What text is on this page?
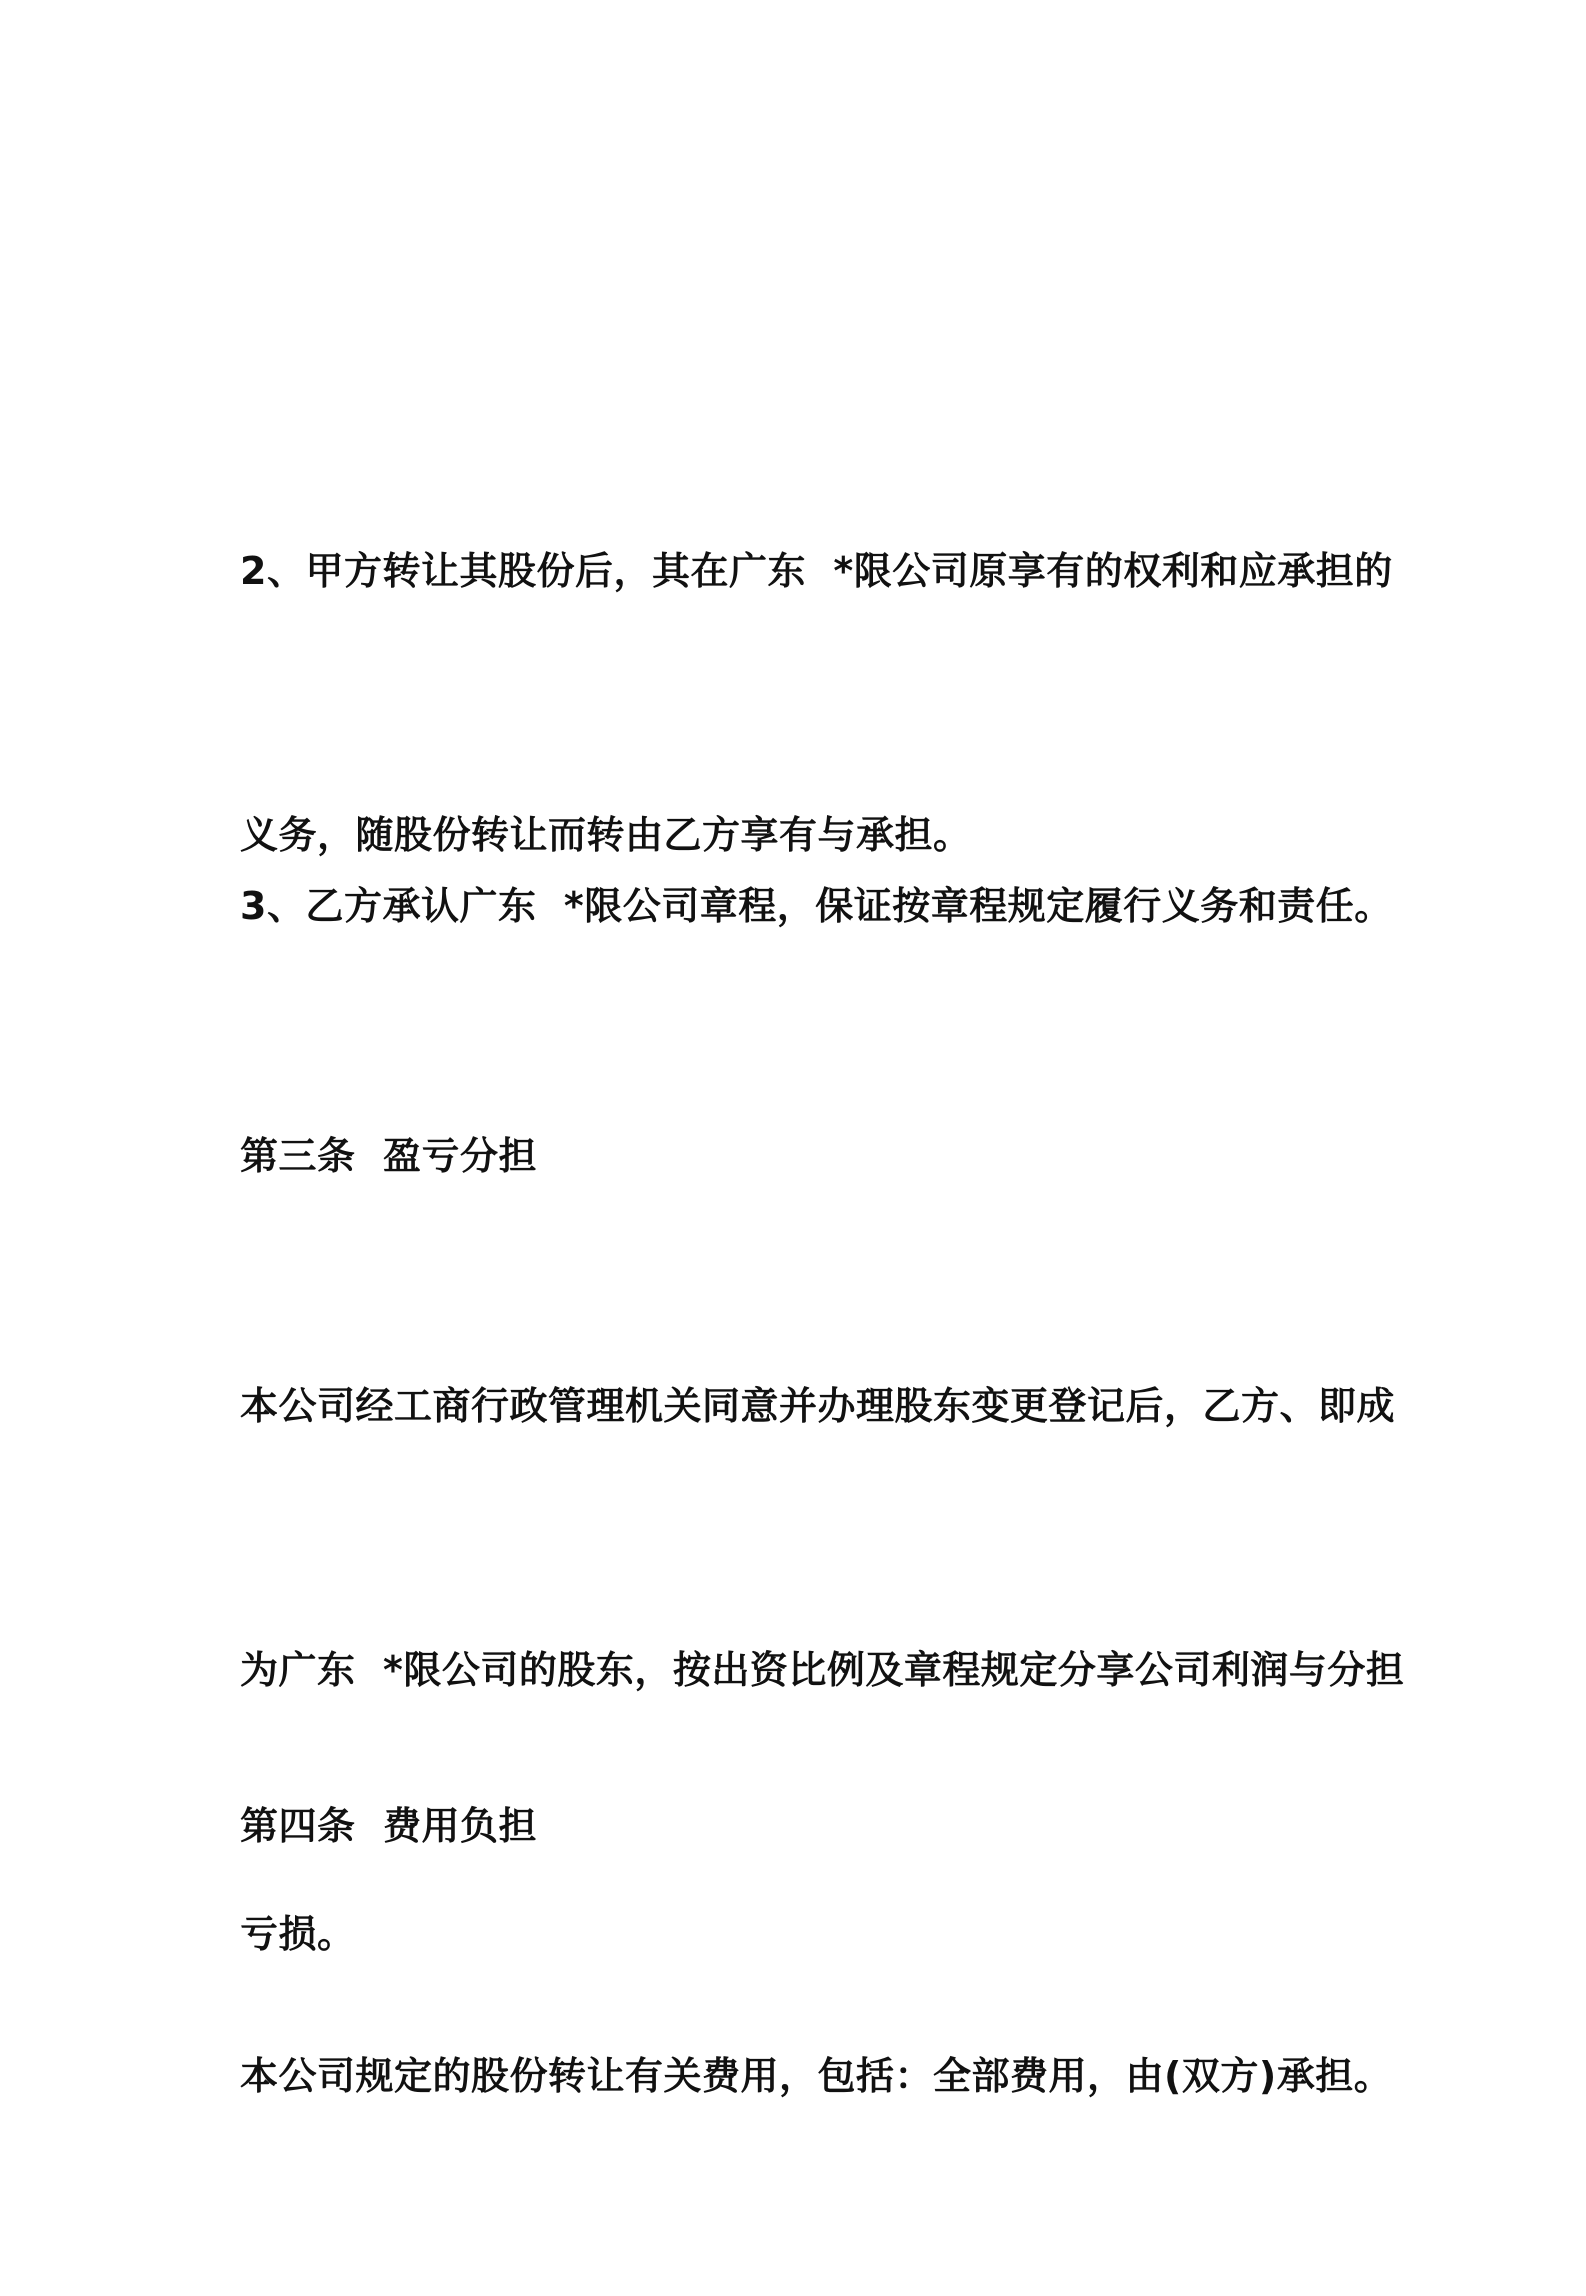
2、甲方转让其股份后，其在广东  *限公司原享有的权利和应承担的

义务，随股份转让而转由乙方享有与承担。

3、乙方承认广东  *限公司章程，保证按章程规定履行义务和责任。

第三条  盈亏分担

本公司经工商行政管理机关同意并办理股东变更登记后，乙方、即成

为广东  *限公司的股东，按出资比例及章程规定分享公司利润与分担

亏损。

第四条  费用负担

本公司规定的股份转让有关费用，包括：全部费用，由(双方)承担。
